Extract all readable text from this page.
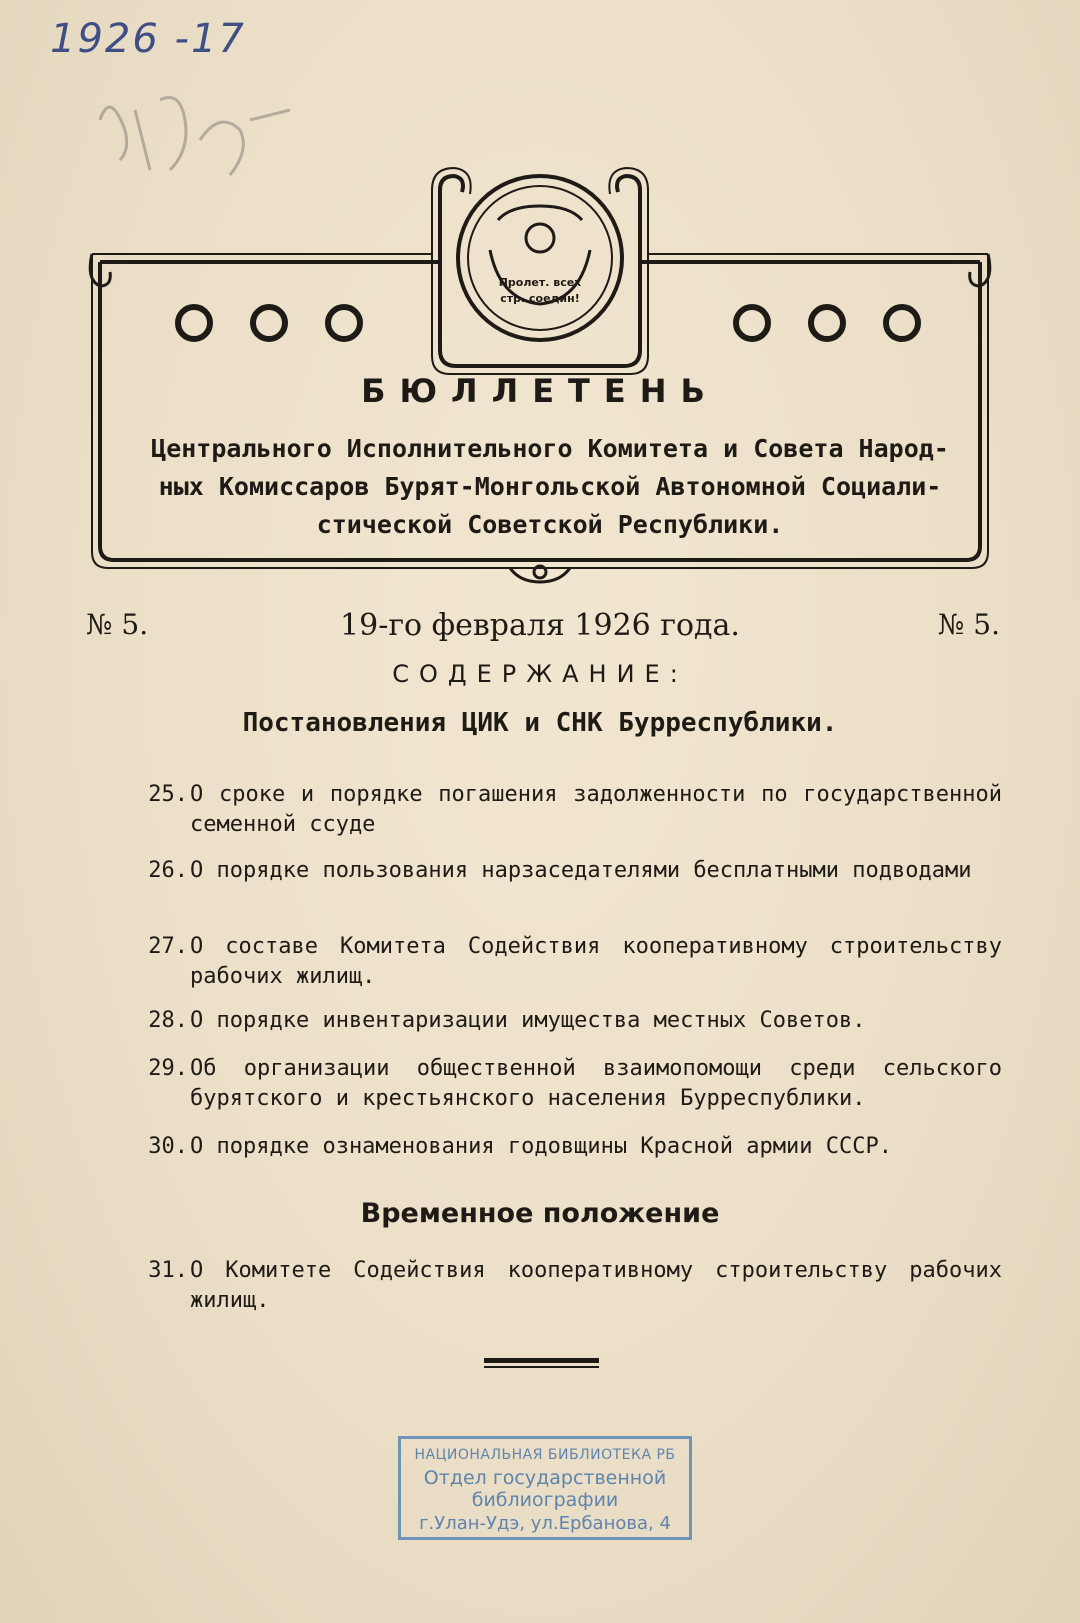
1926 -17
Пролет. всех
стр. соедин!
БЮЛЛЕТЕНЬ
Центрального Исполнительного Комитета и Совета Народ-
ных Комиссаров Бурят-Монгольской Автономной Социали-
стической Советской Республики.
№ 5.	19-го февраля 1926 года.	№ 5.
СОДЕРЖАНИЕ:
Постановления ЦИК и СНК Бурреспублики.
25. О сроке и порядке погашения задолженности по государственной семенной ссуде
26. О порядке пользования нарзаседателями бесплатными подводами
27. О составе Комитета Содействия кооперативному строительству рабочих жилищ.
28. О порядке инвентаризации имущества местных Советов.
29. Об организации общественной взаимопомощи среди сельского бурятского и крестьянского населения Бурреспублики.
30. О порядке ознаменования годовщины Красной армии СССР.
Временное положение
31. О Комитете Содействия кооперативному строительству рабочих жилищ.
НАЦИОНАЛЬНАЯ БИБЛИОТЕКА РБ
Отдел государственной
библиографии
г.Улан-Удэ, ул.Ербанова, 4
